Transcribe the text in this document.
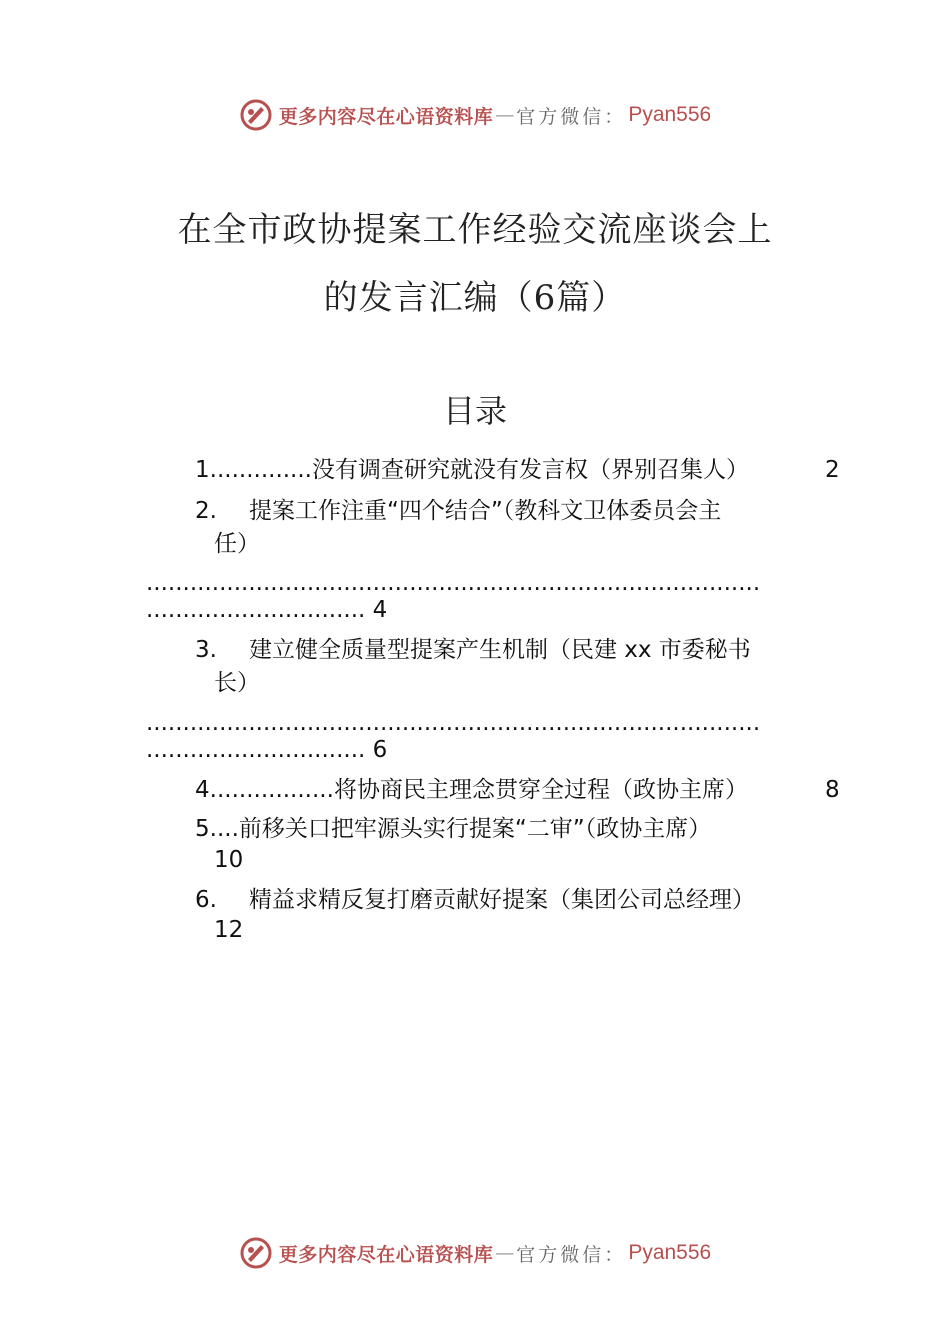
更多内容尽在心语资料库 — 官方微信： Pyan556
在全市政协提案工作经验交流座谈会上
的发言汇编（6篇）
目录
1..............没有调查研究就没有发言权（界别召集人）	2
2. 提案工作注重“四个结合”（教科文卫体委员会主
任）
....................................................................................
.............................. 4
3. 建立健全质量型提案产生机制（民建 xx 市委秘书
长）
....................................................................................
.............................. 6
4.................将协商民主理念贯穿全过程（政协主席）	8
5....前移关口把牢源头实行提案“二审”（政协主席）
10
6. 精益求精反复打磨贡献好提案（集团公司总经理）
12
更多内容尽在心语资料库 — 官方微信： Pyan556
